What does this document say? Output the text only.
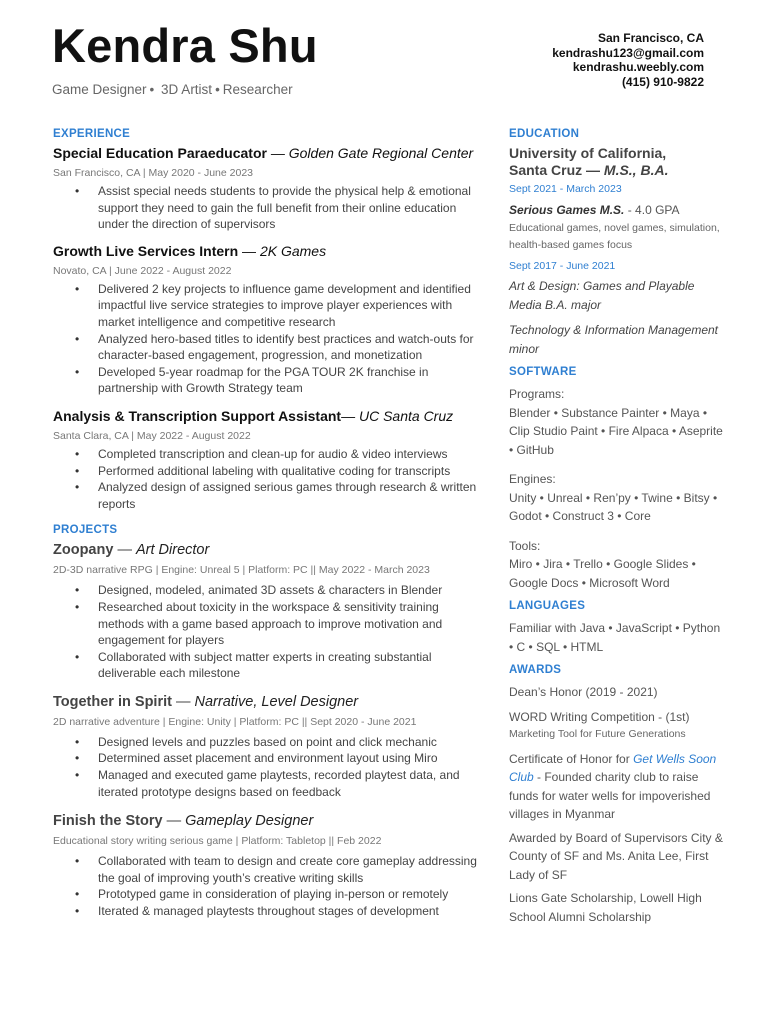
Kendra Shu
Game Designer • 3D Artist • Researcher
San Francisco, CA
kendrashu123@gmail.com
kendrashu.weebly.com
(415) 910-9822

EXPERIENCE

Special Education Paraeducator — Golden Gate Regional Center

San Francisco, CA | May 2020 - June 2023

• Assist special needs students to provide the physical help & emotional support they need to gain the full benefit from their online education under the direction of supervisors

Growth Live Services Intern — 2K Games

Novato, CA | June 2022 - August 2022

• Delivered 2 key projects to influence game development and identified impactful live service strategies to improve player experiences with market intelligence and competitive research
• Analyzed hero-based titles to identify best practices and watch-outs for character-based engagement, progression, and monetization
• Developed 5-year roadmap for the PGA TOUR 2K franchise in partnership with Growth Strategy team

Analysis & Transcription Support Assistant— UC Santa Cruz

Santa Clara, CA | May 2022 - August 2022

• Completed transcription and clean-up for audio & video interviews
• Performed additional labeling with qualitative coding for transcripts
• Analyzed design of assigned serious games through research & written reports

PROJECTS

Zoopany — Art Director

2D-3D narrative RPG | Engine: Unreal 5 | Platform: PC || May 2022 - March 2023

• Designed, modeled, animated 3D assets & characters in Blender
• Researched about toxicity in the workspace & sensitivity training methods with a game based approach to improve motivation and engagement for players
• Collaborated with subject matter experts in creating substantial deliverable each milestone

Together in Spirit — Narrative, Level Designer

2D narrative adventure | Engine: Unity | Platform: PC || Sept 2020 - June 2021

• Designed levels and puzzles based on point and click mechanic
• Determined asset placement and environment layout using Miro
• Managed and executed game playtests, recorded playtest data, and iterated prototype designs based on feedback

Finish the Story — Gameplay Designer

Educational story writing serious game | Platform: Tabletop || Feb 2022

• Collaborated with team to design and create core gameplay addressing the goal of improving youth’s creative writing skills
• Prototyped game in consideration of playing in-person or remotely
• Iterated & managed playtests throughout stages of development

EDUCATION

University of California,

Santa Cruz — M.S., B.A.

Sept 2021 - March 2023

Serious Games M.S. - 4.0 GPA

Educational games, novel games, simulation, health-based games focus

Sept 2017 - June 2021

Art & Design: Games and Playable Media B.A. major

Technology & Information Management minor

SOFTWARE

Programs:

Blender • Substance Painter • Maya • Clip Studio Paint • Fire Alpaca • Aseprite • GitHub

Engines:

Unity • Unreal • Ren’py • Twine • Bitsy • Godot • Construct 3 • Core

Tools:

Miro • Jira • Trello • Google Slides • Google Docs • Microsoft Word

LANGUAGES

Familiar with Java • JavaScript • Python • C • SQL • HTML

AWARDS

Dean’s Honor (2019 - 2021)

WORD Writing Competition - (1st)

Marketing Tool for Future Generations

Certificate of Honor for Get Wells Soon Club - Founded charity club to raise funds for water wells for impoverished villages in Myanmar

Awarded by Board of Supervisors City & County of SF and Ms. Anita Lee, First Lady of SF

Lions Gate Scholarship, Lowell High School Alumni Scholarship
